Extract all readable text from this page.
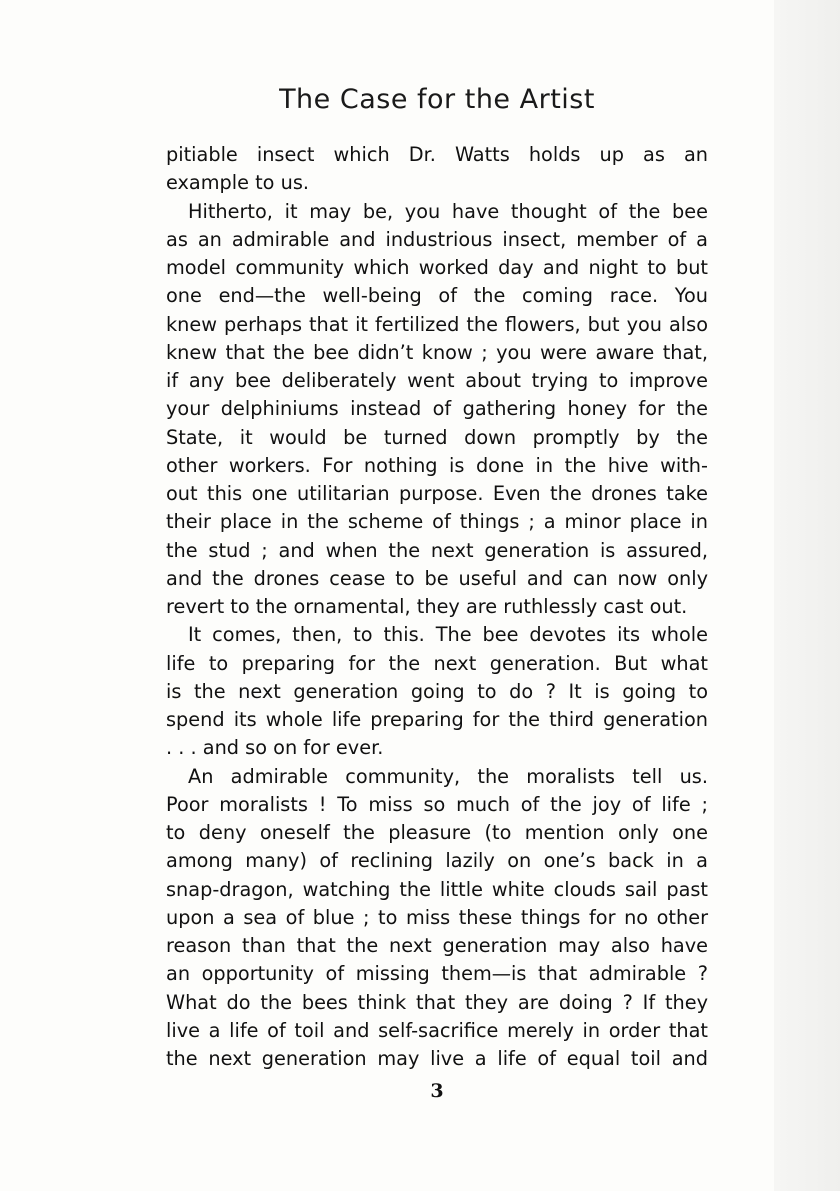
The Case for the Artist
pitiable insect which Dr. Watts holds up as an
example to us.
Hitherto, it may be, you have thought of the bee
as an admirable and industrious insect, member of a
model community which worked day and night to but
one end—the well-being of the coming race. You
knew perhaps that it fertilized the flowers, but you also
knew that the bee didn’t know ; you were aware that,
if any bee deliberately went about trying to improve
your delphiniums instead of gathering honey for the
State, it would be turned down promptly by the
other workers. For nothing is done in the hive with-
out this one utilitarian purpose. Even the drones take
their place in the scheme of things ; a minor place in
the stud ; and when the next generation is assured,
and the drones cease to be useful and can now only
revert to the ornamental, they are ruthlessly cast out.
It comes, then, to this. The bee devotes its whole
life to preparing for the next generation. But what
is the next generation going to do ? It is going to
spend its whole life preparing for the third generation
. . . and so on for ever.
An admirable community, the moralists tell us.
Poor moralists ! To miss so much of the joy of life ;
to deny oneself the pleasure (to mention only one
among many) of reclining lazily on one’s back in a
snap-dragon, watching the little white clouds sail past
upon a sea of blue ; to miss these things for no other
reason than that the next generation may also have
an opportunity of missing them—is that admirable ?
What do the bees think that they are doing ? If they
live a life of toil and self-sacrifice merely in order that
the next generation may live a life of equal toil and
3
